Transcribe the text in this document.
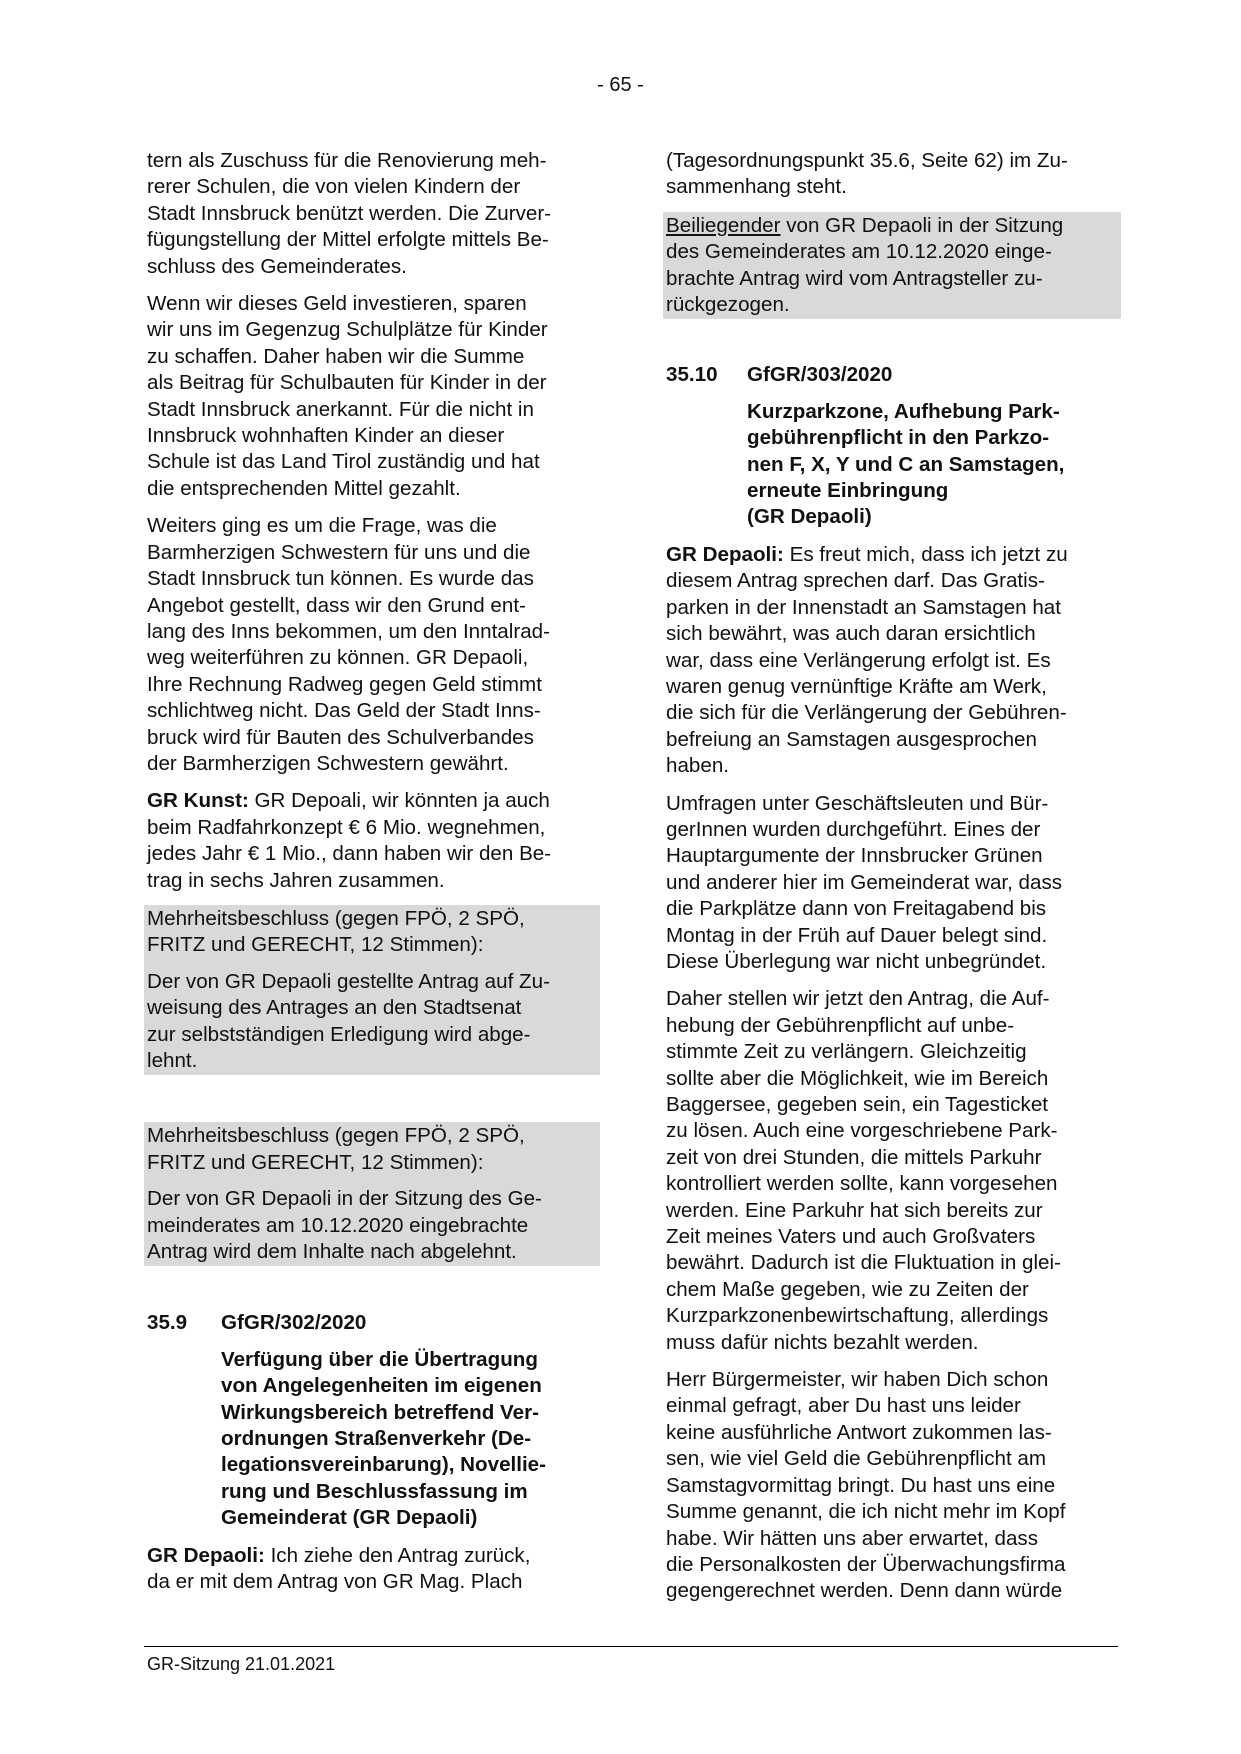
- 65 -

tern als Zuschuss für die Renovierung meh-
rerer Schulen, die von vielen Kindern der
Stadt Innsbruck benützt werden. Die Zurver-
fügungstellung der Mittel erfolgte mittels Be-
schluss des Gemeinderates.

Wenn wir dieses Geld investieren, sparen
wir uns im Gegenzug Schulplätze für Kinder
zu schaffen. Daher haben wir die Summe
als Beitrag für Schulbauten für Kinder in der
Stadt Innsbruck anerkannt. Für die nicht in
Innsbruck wohnhaften Kinder an dieser
Schule ist das Land Tirol zuständig und hat
die entsprechenden Mittel gezahlt.

Weiters ging es um die Frage, was die
Barmherzigen Schwestern für uns und die
Stadt Innsbruck tun können. Es wurde das
Angebot gestellt, dass wir den Grund ent-
lang des Inns bekommen, um den Inntalrad-
weg weiterführen zu können. GR Depaoli,
Ihre Rechnung Radweg gegen Geld stimmt
schlichtweg nicht. Das Geld der Stadt Inns-
bruck wird für Bauten des Schulverbandes
der Barmherzigen Schwestern gewährt.

GR Kunst: GR Depoali, wir könnten ja auch
beim Radfahrkonzept € 6 Mio. wegnehmen,
jedes Jahr € 1 Mio., dann haben wir den Be-
trag in sechs Jahren zusammen.

Mehrheitsbeschluss (gegen FPÖ, 2 SPÖ,
FRITZ und GERECHT, 12 Stimmen):

Der von GR Depaoli gestellte Antrag auf Zu-
weisung des Antrages an den Stadtsenat
zur selbstständigen Erledigung wird abge-
lehnt.

Mehrheitsbeschluss (gegen FPÖ, 2 SPÖ,
FRITZ und GERECHT, 12 Stimmen):

Der von GR Depaoli in der Sitzung des Ge-
meinderates am 10.12.2020 eingebrachte
Antrag wird dem Inhalte nach abgelehnt.

35.9	GfGR/302/2020
Verfügung über die Übertragung
von Angelegenheiten im eigenen
Wirkungsbereich betreffend Ver-
ordnungen Straßenverkehr (De-
legationsvereinbarung), Novellie-
rung und Beschlussfassung im
Gemeinderat (GR Depaoli)

GR Depaoli: Ich ziehe den Antrag zurück,
da er mit dem Antrag von GR Mag. Plach

(Tagesordnungspunkt 35.6, Seite 62) im Zu-
sammenhang steht.

Beiliegender von GR Depaoli in der Sitzung
des Gemeinderates am 10.12.2020 einge-
brachte Antrag wird vom Antragsteller zu-
rückgezogen.

35.10	GfGR/303/2020
Kurzparkzone, Aufhebung Park-
gebührenpflicht in den Parkzo-
nen F, X, Y und C an Samstagen,
erneute Einbringung
(GR Depaoli)

GR Depaoli: Es freut mich, dass ich jetzt zu
diesem Antrag sprechen darf. Das Gratis-
parken in der Innenstadt an Samstagen hat
sich bewährt, was auch daran ersichtlich
war, dass eine Verlängerung erfolgt ist. Es
waren genug vernünftige Kräfte am Werk,
die sich für die Verlängerung der Gebühren-
befreiung an Samstagen ausgesprochen
haben.

Umfragen unter Geschäftsleuten und Bür-
gerInnen wurden durchgeführt. Eines der
Hauptargumente der Innsbrucker Grünen
und anderer hier im Gemeinderat war, dass
die Parkplätze dann von Freitagabend bis
Montag in der Früh auf Dauer belegt sind.
Diese Überlegung war nicht unbegründet.

Daher stellen wir jetzt den Antrag, die Auf-
hebung der Gebührenpflicht auf unbe-
stimmte Zeit zu verlängern. Gleichzeitig
sollte aber die Möglichkeit, wie im Bereich
Baggersee, gegeben sein, ein Tagesticket
zu lösen. Auch eine vorgeschriebene Park-
zeit von drei Stunden, die mittels Parkuhr
kontrolliert werden sollte, kann vorgesehen
werden. Eine Parkuhr hat sich bereits zur
Zeit meines Vaters und auch Großvaters
bewährt. Dadurch ist die Fluktuation in glei-
chem Maße gegeben, wie zu Zeiten der
Kurzparkzonenbewirtschaftung, allerdings
muss dafür nichts bezahlt werden.

Herr Bürgermeister, wir haben Dich schon
einmal gefragt, aber Du hast uns leider
keine ausführliche Antwort zukommen las-
sen, wie viel Geld die Gebührenpflicht am
Samstagvormittag bringt. Du hast uns eine
Summe genannt, die ich nicht mehr im Kopf
habe. Wir hätten uns aber erwartet, dass
die Personalkosten der Überwachungsfirma
gegengerechnet werden. Denn dann würde

GR-Sitzung 21.01.2021
